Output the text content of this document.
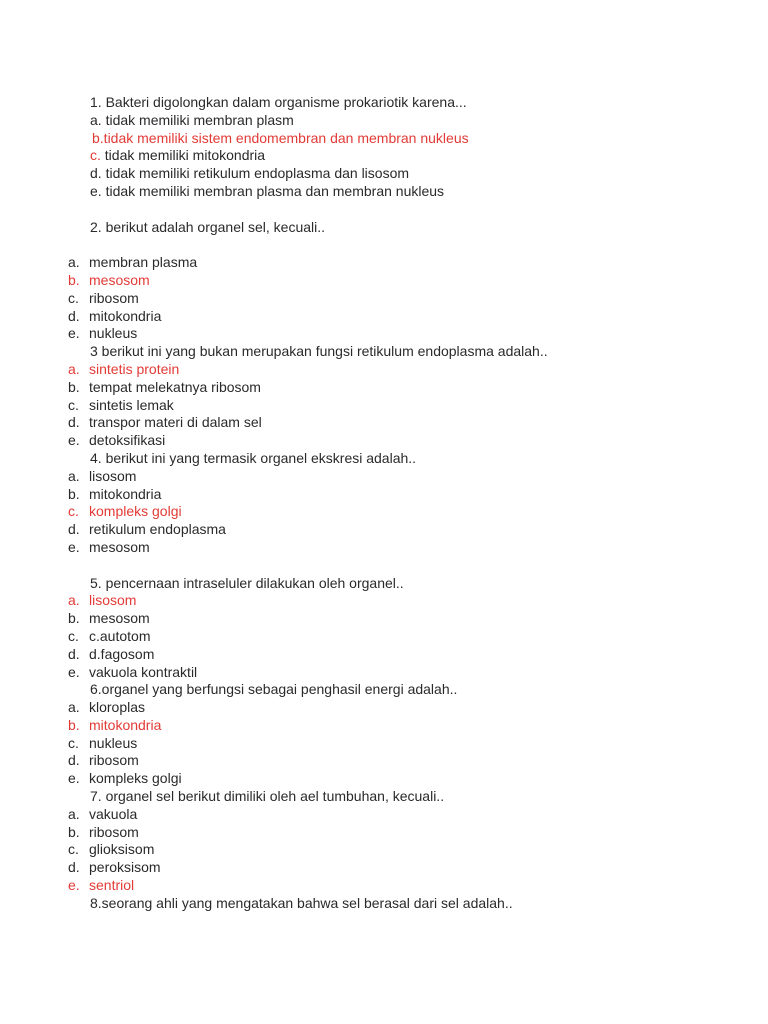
1. Bakteri digolongkan dalam organisme prokariotik karena...
a. tidak memiliki membran plasm
b.tidak memiliki sistem endomembran dan membran nukleus
c. tidak memiliki mitokondria
d. tidak memiliki retikulum endoplasma dan lisosom
e. tidak memiliki membran plasma dan membran nukleus
2. berikut adalah organel sel, kecuali..
a. membran plasma
b. mesosom
c. ribosom
d. mitokondria
e. nukleus
3 berikut ini yang bukan merupakan fungsi retikulum endoplasma adalah..
a. sintetis protein
b. tempat melekatnya ribosom
c. sintetis lemak
d. transpor materi di dalam sel
e. detoksifikasi
4. berikut ini yang termasik organel ekskresi adalah..
a. lisosom
b. mitokondria
c. kompleks golgi
d. retikulum endoplasma
e. mesosom
5. pencernaan intraseluler dilakukan oleh organel..
a. lisosom
b. mesosom
c. c.autotom
d. d.fagosom
e. vakuola kontraktil
6.organel yang berfungsi sebagai penghasil energi adalah..
a. kloroplas
b. mitokondria
c. nukleus
d. ribosom
e. kompleks golgi
7. organel sel berikut dimiliki oleh ael tumbuhan, kecuali..
a. vakuola
b. ribosom
c. glioksisom
d. peroksisom
e. sentriol
8.seorang ahli yang mengatakan bahwa sel berasal dari sel adalah..
